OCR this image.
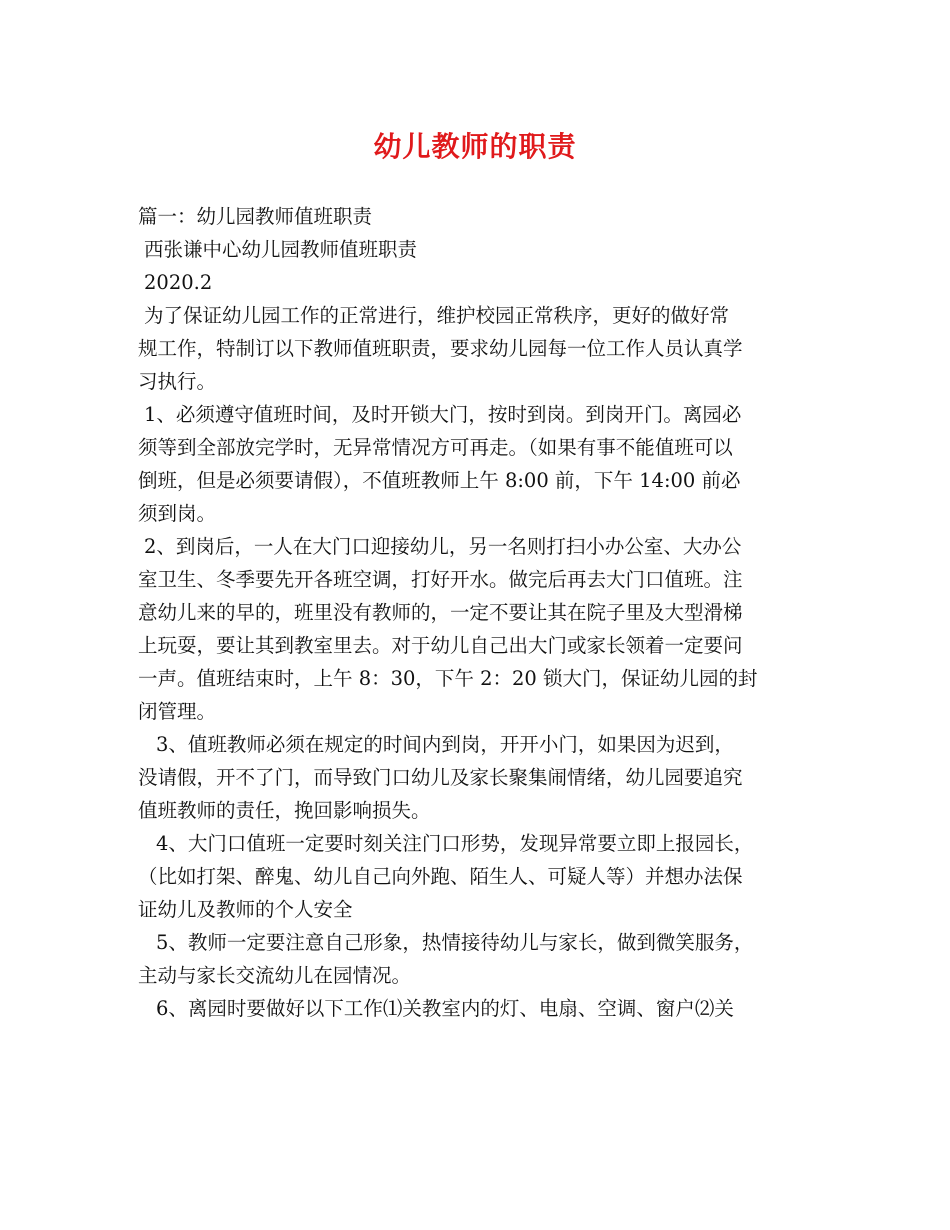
幼儿教师的职责
篇一：幼儿园教师值班职责
西张谦中心幼儿园教师值班职责
2020.2
为了保证幼儿园工作的正常进行，维护校园正常秩序，更好的做好常
规工作，特制订以下教师值班职责，要求幼儿园每一位工作人员认真学
习执行。
1、必须遵守值班时间，及时开锁大门，按时到岗。到岗开门。离园必
须等到全部放完学时，无异常情况方可再走。（如果有事不能值班可以
倒班，但是必须要请假），不值班教师上午 8:00 前，下午 14:00 前必
须到岗。
2、到岗后，一人在大门口迎接幼儿，另一名则打扫小办公室、大办公
室卫生、冬季要先开各班空调，打好开水。做完后再去大门口值班。注
意幼儿来的早的，班里没有教师的，一定不要让其在院子里及大型滑梯
上玩耍，要让其到教室里去。对于幼儿自己出大门或家长领着一定要问
一声。值班结束时，上午 8：30，下午 2：20 锁大门，保证幼儿园的封
闭管理。
3、值班教师必须在规定的时间内到岗，开开小门，如果因为迟到，
没请假，开不了门，而导致门口幼儿及家长聚集闹情绪，幼儿园要追究
值班教师的责任，挽回影响损失。
4、大门口值班一定要时刻关注门口形势，发现异常要立即上报园长，
（比如打架、醉鬼、幼儿自己向外跑、陌生人、可疑人等）并想办法保
证幼儿及教师的个人安全
5、教师一定要注意自己形象，热情接待幼儿与家长，做到微笑服务，
主动与家长交流幼儿在园情况。
6、离园时要做好以下工作⑴关教室内的灯、电扇、空调、窗户⑵关
